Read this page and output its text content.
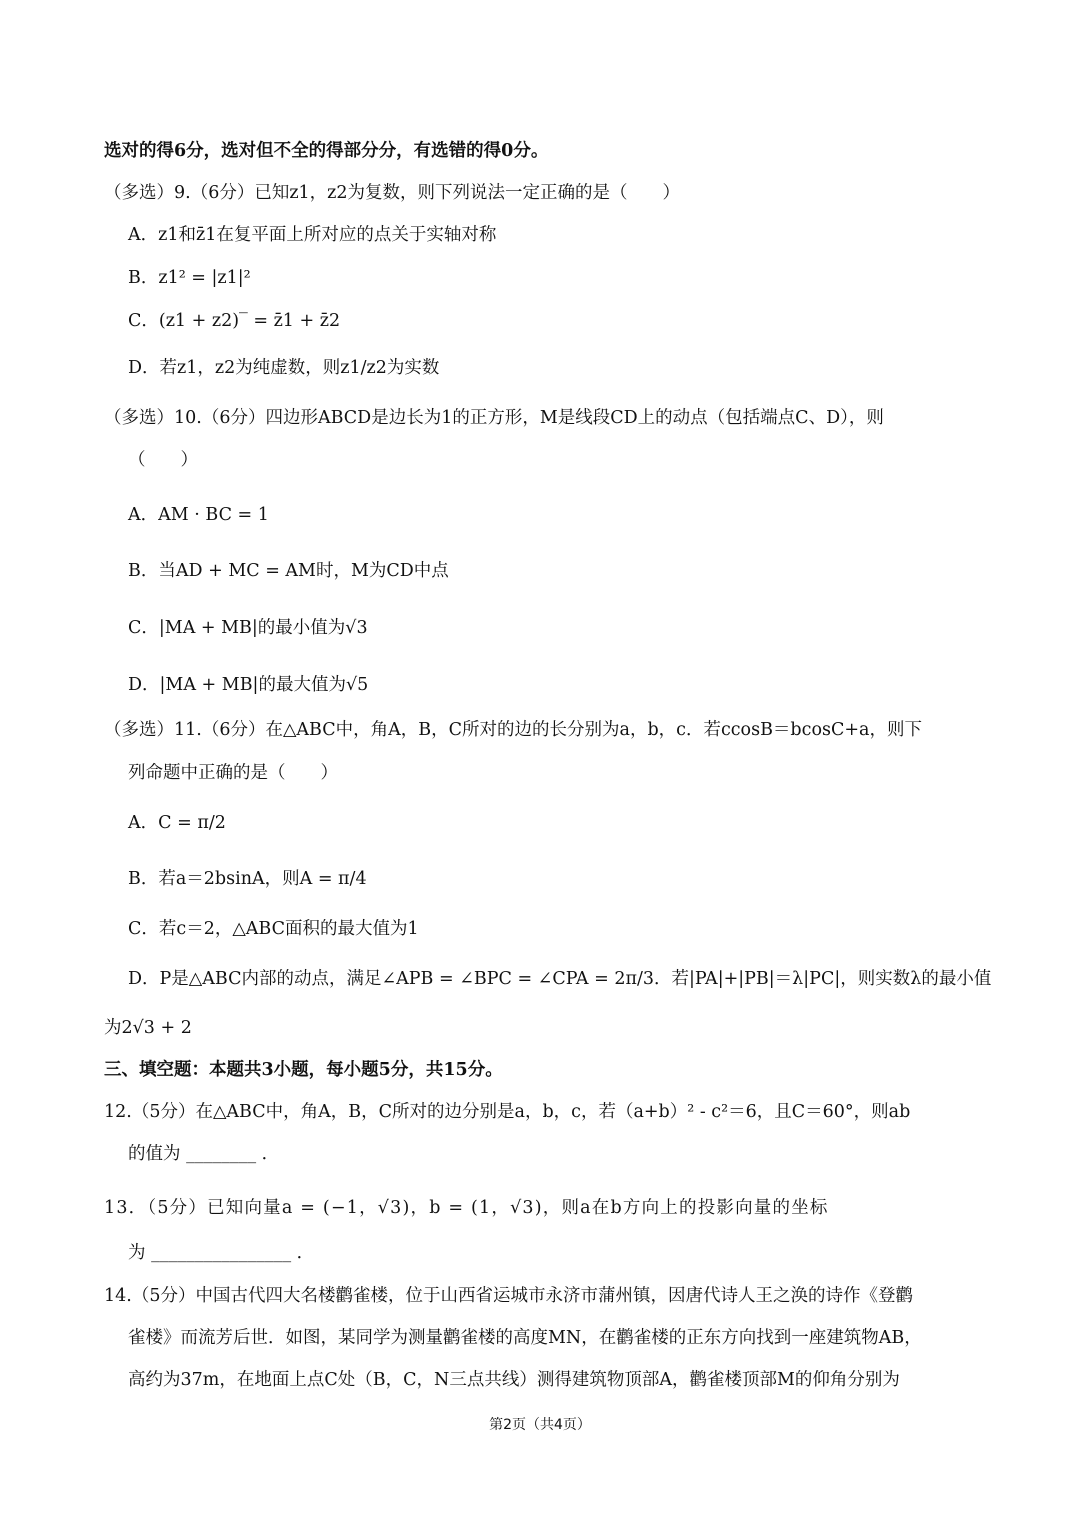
选对的得6分，选对但不全的得部分分，有选错的得0分。
（多选）9.（6分）已知z1，z2为复数，则下列说法一定正确的是（　　）
A．z1和z̄1在复平面上所对应的点关于实轴对称
B．z1² = |z1|²
C．(z1 + z2)‾ = z̄1 + z̄2
D．若z1，z2为纯虚数，则z1/z2为实数
（多选）10.（6分）四边形ABCD是边长为1的正方形，M是线段CD上的动点（包括端点C、D），则
（　　）
A．AM · BC = 1
B．当AD + MC = AM时，M为CD中点
C．|MA + MB|的最小值为√3
D．|MA + MB|的最大值为√5
（多选）11.（6分）在△ABC中，角A，B，C所对的边的长分别为a，b，c．若ccosB＝bcosC+a，则下
列命题中正确的是（　　）
A．C = π/2
B．若a＝2bsinA，则A = π/4
C．若c＝2，△ABC面积的最大值为1
D．P是△ABC内部的动点，满足∠APB = ∠BPC = ∠CPA = 2π/3．若|PA|+|PB|＝λ|PC|，则实数λ的最小值
为2√3 + 2
三、填空题：本题共3小题，每小题5分，共15分。
12.（5分）在△ABC中，角A，B，C所对的边分别是a，b，c，若（a+b）² - c²＝6，且C＝60°，则ab
的值为 ________ ．
13．（5分）已知向量a = (−1，√3)，b = (1，√3)，则a在b方向上的投影向量的坐标
为 ________________ ．
14.（5分）中国古代四大名楼鹳雀楼，位于山西省运城市永济市蒲州镇，因唐代诗人王之涣的诗作《登鹳
雀楼》而流芳后世．如图，某同学为测量鹳雀楼的高度MN，在鹳雀楼的正东方向找到一座建筑物AB，
高约为37m，在地面上点C处（B，C，N三点共线）测得建筑物顶部A，鹳雀楼顶部M的仰角分别为
第2页（共4页）
